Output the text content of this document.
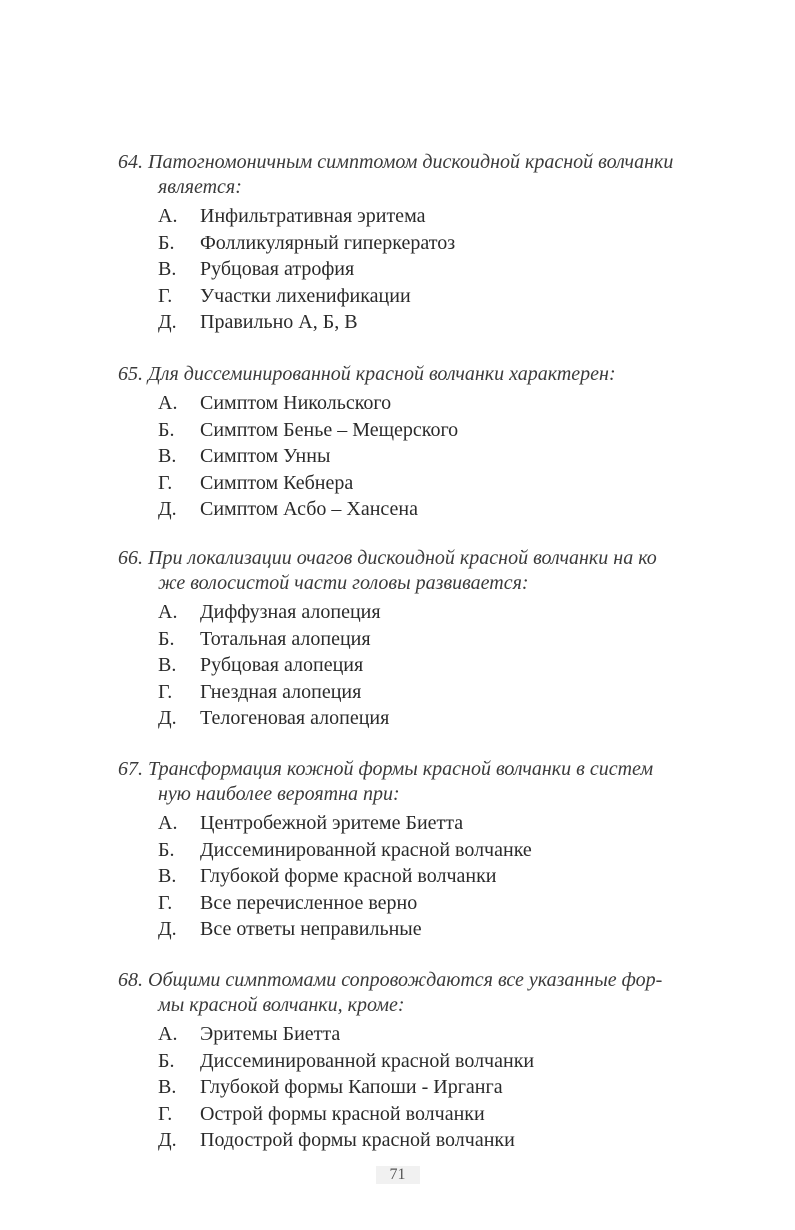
64. Патогномоничным симптомом дискоидной красной волчанки
является:
А.	Инфильтративная эритема
Б.	Фолликулярный гиперкератоз
В.	Рубцовая атрофия
Г.	Участки лихенификации
Д.	Правильно А, Б, В
65. Для диссеминированной красной волчанки характерен:
А.	Симптом Никольского
Б.	Симптом Бенье – Мещерского
В.	Симптом Унны
Г.	Симптом Кебнера
Д.	Симптом Асбо – Хансена
66. При локализации очагов дискоидной красной волчанки на ко
же волосистой части головы развивается:
А.	Диффузная алопеция
Б.	Тотальная алопеция
В.	Рубцовая алопеция
Г.	Гнездная алопеция
Д.	Телогеновая алопеция
67. Трансформация кожной формы красной волчанки в систем
ную наиболее вероятна при:
А.	Центробежной эритеме Биетта
Б.	Диссеминированной красной волчанке
В.	Глубокой форме красной волчанки
Г.	Все перечисленное верно
Д.	Все ответы неправильные
68. Общими симптомами сопровождаются все указанные фор-
мы красной волчанки, кроме:
А.	Эритемы Биетта
Б.	Диссеминированной красной волчанки
В.	Глубокой формы Капоши - Ирганга
Г.	Острой формы красной волчанки
Д.	Подострой формы красной волчанки
71
